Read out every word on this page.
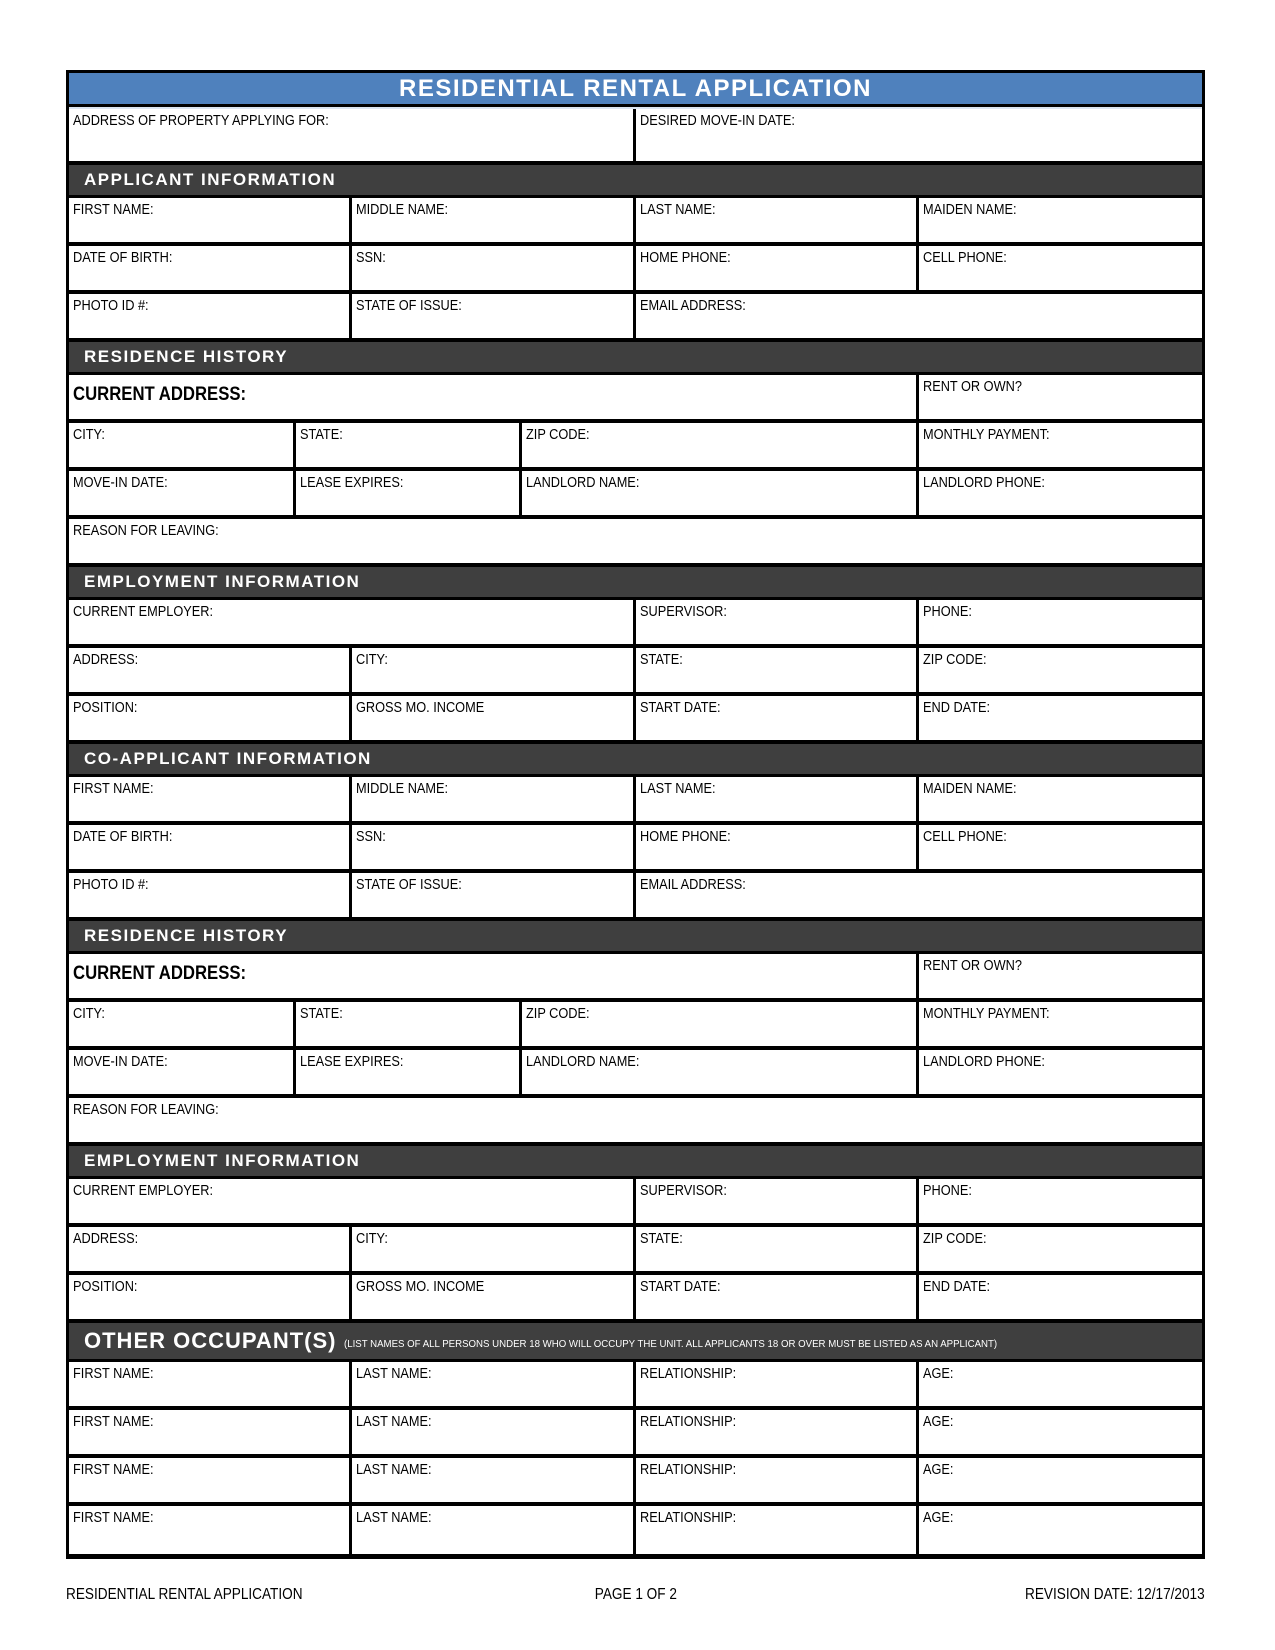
RESIDENTIAL RENTAL APPLICATION
ADDRESS OF PROPERTY APPLYING FOR:	DESIRED MOVE-IN DATE:
APPLICANT INFORMATION
FIRST NAME:	MIDDLE NAME:	LAST NAME:	MAIDEN NAME:
DATE OF BIRTH:	SSN:	HOME PHONE:	CELL PHONE:
PHOTO ID #:	STATE OF ISSUE:	EMAIL ADDRESS:
RESIDENCE HISTORY
CURRENT ADDRESS:	RENT OR OWN?
CITY:	STATE:	ZIP CODE:	MONTHLY PAYMENT:
MOVE-IN DATE:	LEASE EXPIRES:	LANDLORD NAME:	LANDLORD PHONE:
REASON FOR LEAVING:
EMPLOYMENT INFORMATION
CURRENT EMPLOYER:	SUPERVISOR:	PHONE:
ADDRESS:	CITY:	STATE:	ZIP CODE:
POSITION:	GROSS MO. INCOME	START DATE:	END DATE:
CO-APPLICANT INFORMATION
FIRST NAME:	MIDDLE NAME:	LAST NAME:	MAIDEN NAME:
DATE OF BIRTH:	SSN:	HOME PHONE:	CELL PHONE:
PHOTO ID #:	STATE OF ISSUE:	EMAIL ADDRESS:
RESIDENCE HISTORY
CURRENT ADDRESS:	RENT OR OWN?
CITY:	STATE:	ZIP CODE:	MONTHLY PAYMENT:
MOVE-IN DATE:	LEASE EXPIRES:	LANDLORD NAME:	LANDLORD PHONE:
REASON FOR LEAVING:
EMPLOYMENT INFORMATION
CURRENT EMPLOYER:	SUPERVISOR:	PHONE:
ADDRESS:	CITY:	STATE:	ZIP CODE:
POSITION:	GROSS MO. INCOME	START DATE:	END DATE:
OTHER OCCUPANT(S) (LIST NAMES OF ALL PERSONS UNDER 18 WHO WILL OCCUPY THE UNIT. ALL APPLICANTS 18 OR OVER MUST BE LISTED AS AN APPLICANT)
FIRST NAME:	LAST NAME:	RELATIONSHIP:	AGE:
FIRST NAME:	LAST NAME:	RELATIONSHIP:	AGE:
FIRST NAME:	LAST NAME:	RELATIONSHIP:	AGE:
FIRST NAME:	LAST NAME:	RELATIONSHIP:	AGE:
RESIDENTIAL RENTAL APPLICATION	PAGE 1 OF 2	REVISION DATE: 12/17/2013
